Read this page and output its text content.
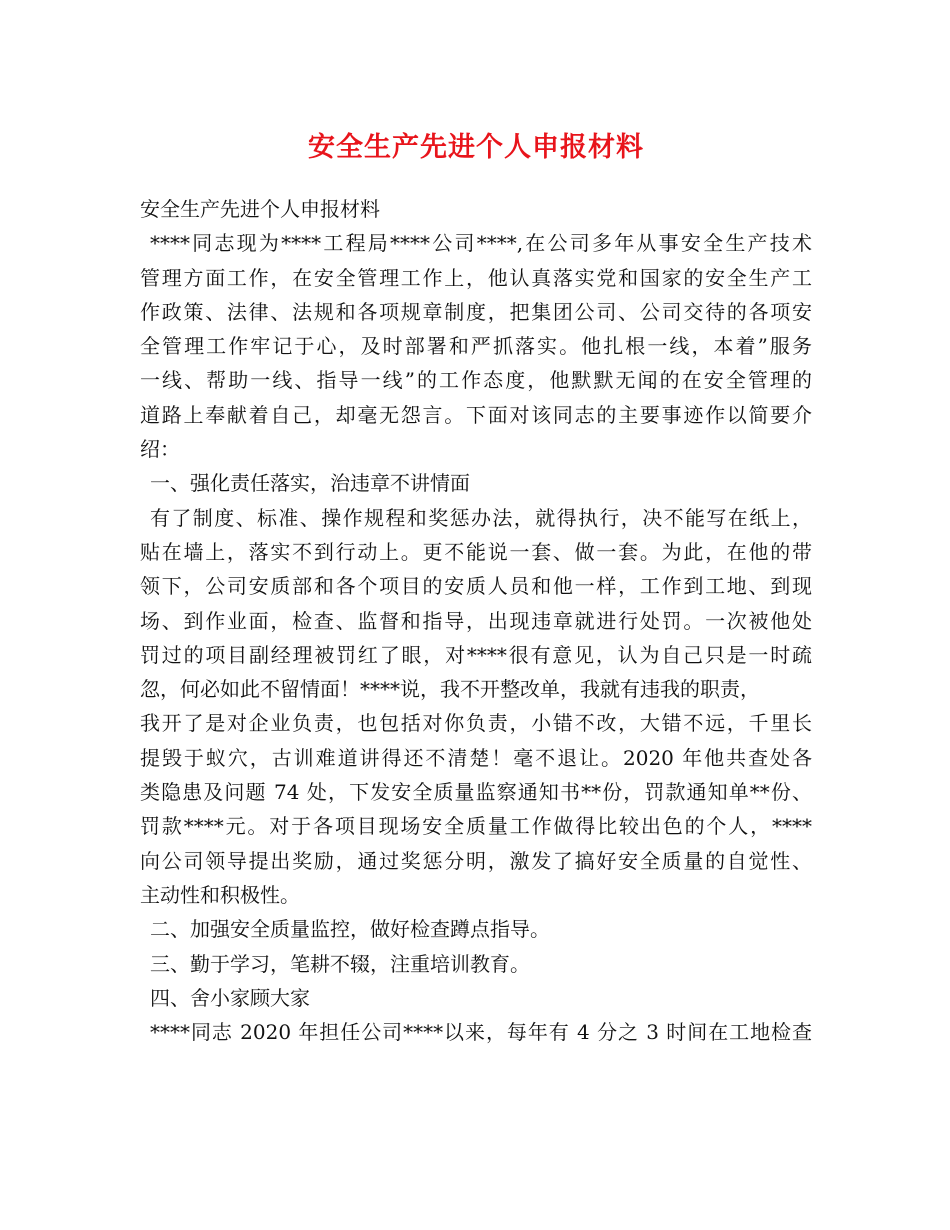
安全生产先进个人申报材料
安全生产先进个人申报材料
****同志现为****工程局****公司****,在公司多年从事安全生产技术
管理方面工作，在安全管理工作上，他认真落实党和国家的安全生产工
作政策、法律、法规和各项规章制度，把集团公司、公司交待的各项安
全管理工作牢记于心，及时部署和严抓落实。他扎根一线，本着”服务
一线、帮助一线、指导一线”的工作态度，他默默无闻的在安全管理的
道路上奉献着自己，却毫无怨言。下面对该同志的主要事迹作以简要介
绍：
一、强化责任落实，治违章不讲情面
有了制度、标准、操作规程和奖惩办法，就得执行，决不能写在纸上，
贴在墙上，落实不到行动上。更不能说一套、做一套。为此，在他的带
领下，公司安质部和各个项目的安质人员和他一样，工作到工地、到现
场、到作业面，检查、监督和指导，出现违章就进行处罚。一次被他处
罚过的项目副经理被罚红了眼，对****很有意见，认为自己只是一时疏
忽，何必如此不留情面！****说，我不开整改单，我就有违我的职责，
我开了是对企业负责，也包括对你负责，小错不改，大错不远，千里长
提毁于蚁穴，古训难道讲得还不清楚！毫不退让。2020 年他共查处各
类隐患及问题 74 处，下发安全质量监察通知书**份，罚款通知单**份、
罚款****元。对于各项目现场安全质量工作做得比较出色的个人，****
向公司领导提出奖励，通过奖惩分明，激发了搞好安全质量的自觉性、
主动性和积极性。
二、加强安全质量监控，做好检查蹲点指导。
三、勤于学习，笔耕不辍，注重培训教育。
四、舍小家顾大家
****同志 2020 年担任公司****以来，每年有 4 分之 3 时间在工地检查
